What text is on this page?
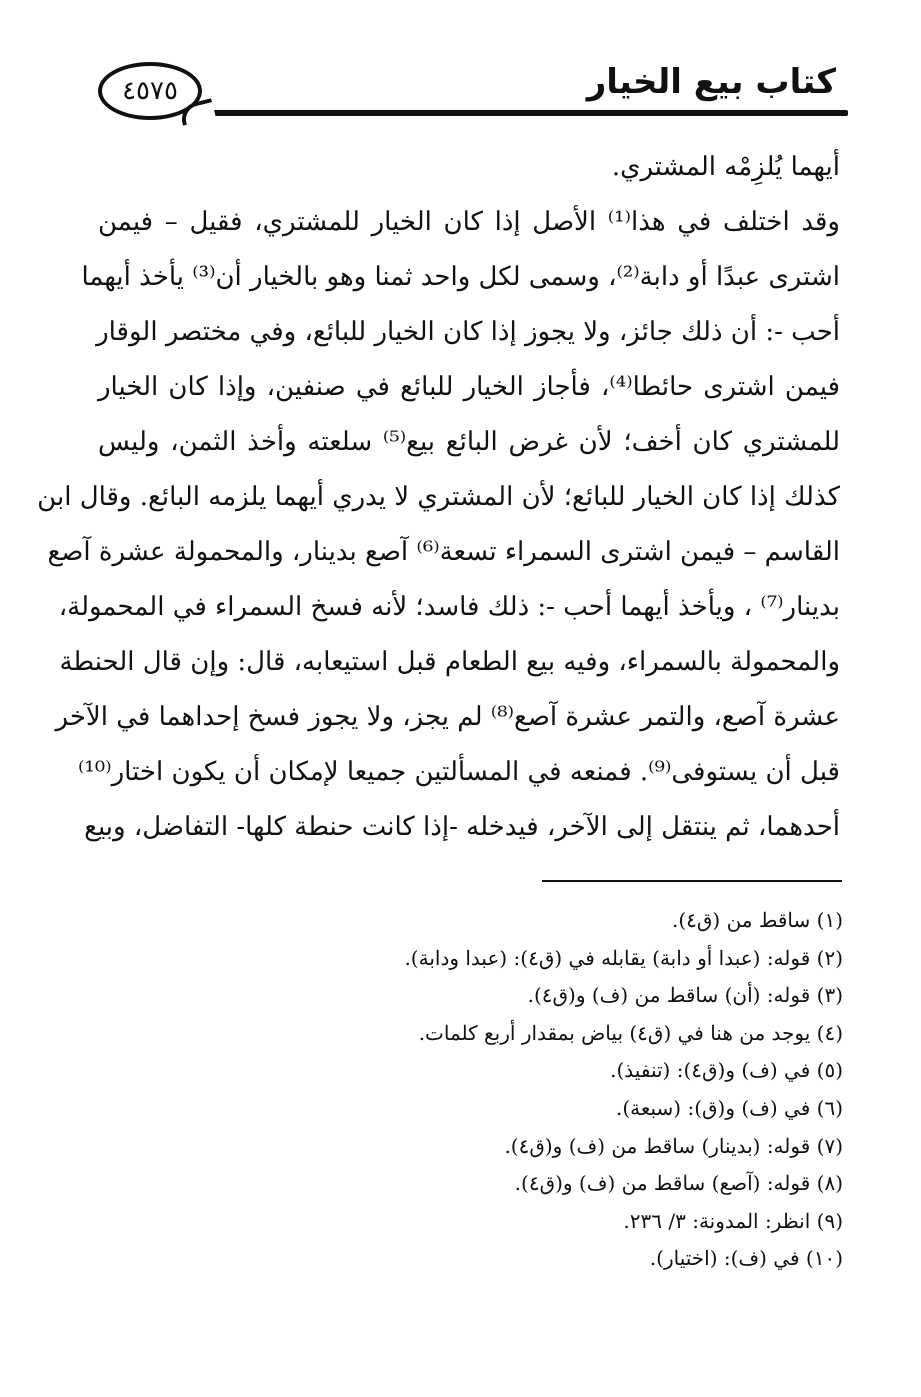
كتاب بيع الخيار
٤٥٧٥
أيهما يُلزِمْه المشتري.
وقد اختلف في هذا⁽¹⁾ الأصل إذا كان الخيار للمشتري، فقيل – فيمن
اشترى عبدًا أو دابة⁽²⁾، وسمى لكل واحد ثمنا وهو بالخيار أن⁽³⁾ يأخذ أيهما
أحب -: أن ذلك جائز، ولا يجوز إذا كان الخيار للبائع، وفي مختصر الوقار
فيمن اشترى حائطا⁽⁴⁾، فأجاز الخيار للبائع في صنفين، وإذا كان الخيار
للمشتري كان أخف؛ لأن غرض البائع بيع⁽⁵⁾ سلعته وأخذ الثمن، وليس
كذلك إذا كان الخيار للبائع؛ لأن المشتري لا يدري أيهما يلزمه البائع. وقال ابن
القاسم – فيمن اشترى السمراء تسعة⁽⁶⁾ آصع بدينار، والمحمولة عشرة آصع
بدينار⁽⁷⁾ ، ويأخذ أيهما أحب -: ذلك فاسد؛ لأنه فسخ السمراء في المحمولة،
والمحمولة بالسمراء، وفيه بيع الطعام قبل استيعابه، قال: وإن قال الحنطة
عشرة آصع، والتمر عشرة آصع⁽⁸⁾ لم يجز، ولا يجوز فسخ إحداهما في الآخر
قبل أن يستوفى⁽⁹⁾. فمنعه في المسألتين جميعا لإمكان أن يكون اختار⁽¹⁰⁾
أحدهما، ثم ينتقل إلى الآخر، فيدخله -إذا كانت حنطة كلها- التفاضل، وبيع
(١) ساقط من (ق٤).
(٢) قوله: (عبدا أو دابة) يقابله في (ق٤): (عبدا ودابة).
(٣) قوله: (أن) ساقط من (ف) و(ق٤).
(٤) يوجد من هنا في (ق٤) بياض بمقدار أربع كلمات.
(٥) في (ف) و(ق٤): (تنفيذ).
(٦) في (ف) و(ق): (سبعة).
(٧) قوله: (بدينار) ساقط من (ف) و(ق٤).
(٨) قوله: (آصع) ساقط من (ف) و(ق٤).
(٩) انظر: المدونة: ٣/ ٢٣٦.
(١٠) في (ف): (اختيار).
